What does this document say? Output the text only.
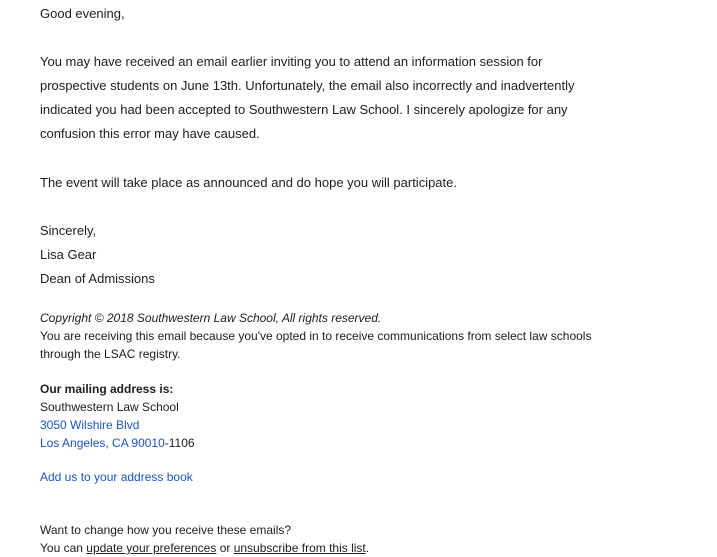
Good evening,
You may have received an email earlier inviting you to attend an information session for
prospective students on June 13th. Unfortunately, the email also incorrectly and inadvertently
indicated you had been accepted to Southwestern Law School. I sincerely apologize for any
confusion this error may have caused.
The event will take place as announced and do hope you will participate.
Sincerely,
Lisa Gear
Dean of Admissions
Copyright © 2018 Southwestern Law School, All rights reserved.
You are receiving this email because you've opted in to receive communications from select law schools
through the LSAC registry.
Our mailing address is:
Southwestern Law School
3050 Wilshire Blvd
Los Angeles, CA 90010-1106
Add us to your address book
Want to change how you receive these emails?
You can update your preferences or unsubscribe from this list.
